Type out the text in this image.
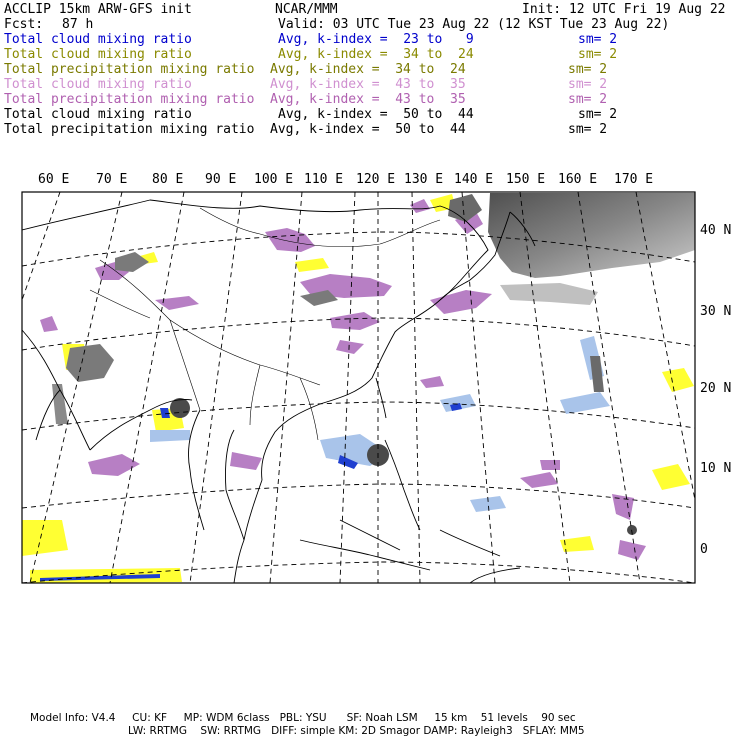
ACCLIP 15km ARW-GFS init	NCAR/MMM	Init: 12 UTC Fri 19 Aug 22
Fcst: 87 h	Valid: 03 UTC Tue 23 Aug 22 (12 KST Tue 23 Aug 22)
Total cloud mixing ratio	Avg, k-index =  23 to   9	sm= 2
Total cloud mixing ratio	Avg, k-index =  34 to  24	sm= 2
Total precipitation mixing ratio Avg, k-index =  34 to  24	sm= 2
Total cloud mixing ratio	Avg, k-index =  43 to  35	sm= 2
Total precipitation mixing ratio Avg, k-index =  43 to  35	sm= 2
Total cloud mixing ratio	Avg, k-index =  50 to  44	sm= 2
Total precipitation mixing ratio Avg, k-index =  50 to  44	sm= 2
60 E 70 E 80 E 90 E 100 E 110 E 120 E 130 E 140 E 150 E 160 E 170 E
40 N
30 N
20 N
10 N
0
Model Info: V4.4     CU: KF     MP: WDM 6class   PBL: YSU      SF: Noah LSM     15 km    51 levels    90 sec
LW: RRTMG    SW: RRTMG   DIFF: simple KM: 2D Smagor DAMP: Rayleigh3   SFLAY: MM5
